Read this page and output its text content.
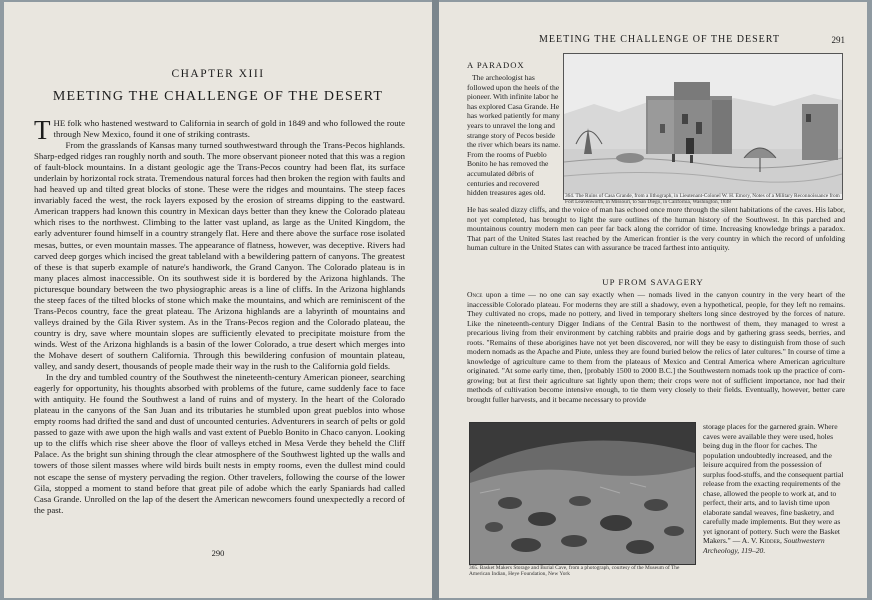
CHAPTER XIII
MEETING THE CHALLENGE OF THE DESERT

THE folk who hastened westward to California in search of gold in 1849 and who followed the route through New Mexico, found it one of striking contrasts.

From the grasslands of Kansas many turned southwestward through the Trans-Pecos highlands. Sharp-edged ridges ran roughly north and south. The more observant pioneer noted that this was a region of fault-block mountains. In a distant geologic age the Trans-Pecos country had been flat, its surface underlain by horizontal rock strata. Tremendous natural forces had then broken the region with faults and had heaved up and tilted great blocks of stone. These were the ridges and mountains. The steep faces invariably faced the west, the rock layers exposed by the erosion of streams dipping to the eastward. American trappers had known this country in Mexican days better than they knew the Colorado plateau which rises to the northwest. Climbing to the latter vast upland, as large as the United Kingdom, the early adventurer found himself in a country strangely flat. Here and there above the surface rose isolated mesas, buttes, or even mountain masses. The appearance of flatness, however, was deceptive. Rivers had carved deep gorges which incised the great tableland with a bewildering pattern of canyons. The greatest of these is that superb example of nature's handiwork, the Grand Canyon. The Colorado plateau is in many places almost inaccessible. On its southwest side it is bordered by the Arizona highlands. The picturesque boundary between the two physiographic areas is a line of cliffs. In the Arizona highlands the steep faces of the tilted blocks of stone which make the mountains, and which are reminiscent of the Trans-Pecos country, face the great plateau. The Arizona highlands are a labyrinth of mountains and valleys drained by the Gila River system. As in the Trans-Pecos region and the Colorado plateau, the country is dry, save where mountain slopes are sufficiently elevated to precipitate moisture from the winds. West of the Arizona highlands is a basin of the lower Colorado, a true desert which merges into the Mohave desert of southern California. Through this bewildering confusion of mountain plateau, valley, and sandy desert, thousands of people made their way in the rush to the California gold fields.

In the dry and tumbled country of the Southwest the nineteenth-century American pioneer, searching eagerly for opportunity, his thoughts absorbed with problems of the future, came suddenly face to face with antiquity. He found the Southwest a land of ruins and of mystery. In the heart of the Colorado plateau in the canyons of the San Juan and its tributaries he stumbled upon great pueblos into whose empty rooms had drifted the sand and dust of uncounted centuries. Adventurers in search of pelts or gold passed to gaze with awe upon the high walls and vast extent of Pueblo Bonito in Chaco canyon. Looking up to the cliffs which rise sheer above the floor of valleys etched in Mesa Verde they beheld the Cliff Palace. As the bright sun shining through the clear atmosphere of the Southwest lighted up the walls and towers of those silent masses where wild birds built nests in empty rooms, even the dullest mind could not escape the sense of mystery pervading the region. Other travelers, following the course of the lower Gila, stopped a moment to stand before that great pile of adobe which the early Spaniards had called Casa Grande. Unrolled on the lap of the desert the American newcomers found unexpectedly a record of the past.

290
MEETING THE CHALLENGE OF THE DESERT	291
A PARADOX

The archeologist has followed upon the heels of the pioneer. With infinite labor he has explored Casa Grande. He has worked patiently for many years to unravel the long and strange story of Pecos beside the river which bears its name. From the rooms of Pueblo Bonito he has removed the accumulated débris of centuries and recovered hidden treasures ages old.	364. The Ruins of Casa Grande, from a lithograph, in Lieutenant-Colonel W. H. Emory, Notes of a Military Reconnoissance from Fort Leavenworth, in Missouri, to San Diego, in California, Washington, 1848

He has sealed dizzy cliffs, and the voice of man has echoed once more through the silent habitations of the caves. His labor, not yet completed, has brought to light the sure outlines of the human history of the Southwest. In this parched and mountainous country modern men can peer far back along the corridor of time. Increasing knowledge brings a paradox. That part of the United States last reached by the American frontier is the very country in which the record of unfolding human culture in the United States can with assurance be traced farthest into antiquity.

UP FROM SAVAGERY

Once upon a time — no one can say exactly when — nomads lived in the canyon country in the very heart of the inaccessible Colorado plateau. For moderns they are still a shadowy, even a hypothetical, people, for they left no remains. They cultivated no crops, made no pottery, and lived in temporary shelters long since destroyed by the forces of nature. Like the nineteenth-century Digger Indians of the Central Basin to the northwest of them, they managed to wrest a precarious living from their environment by catching rabbits and prairie dogs and by gathering grass seeds, berries, and roots. "Remains of these aborigines have not yet been discovered, nor will they be easy to distinguish from those of such modern nomads as the Apache and Piute, unless they are found buried below the relics of later cultures." In course of time a knowledge of agriculture came to them from the plateaus of Mexico and Central America where American agriculture originated. "At some early time, then, [probably 1500 to 2000 B.C.] the Southwestern nomads took up the practice of corn-growing; but at first their agriculture sat lightly upon them; their crops were not of sufficient importance, nor had their methods of cultivation become intensive enough, to tie them very closely to their fields. Eventually, however, better care brought fuller harvests, and it became necessary to provide

365. Basket Makers Storage and Burial Cave, from a photograph, courtesy of the Museum of The American Indian, Heye Foundation, New York

storage places for the garnered grain. Where caves were available they were used, holes being dug in the floor for caches. The population undoubtedly increased, and the leisure acquired from the possession of surplus food-stuffs, and the consequent partial release from the exacting requirements of the chase, allowed the people to work at, and to perfect, their arts, and to lavish time upon elaborate sandal weaves, fine basketry, and carefully made implements. But they were as yet ignorant of pottery. Such were the Basket Makers." — A. V. Kidder, Southwestern Archeology, 119–20.
